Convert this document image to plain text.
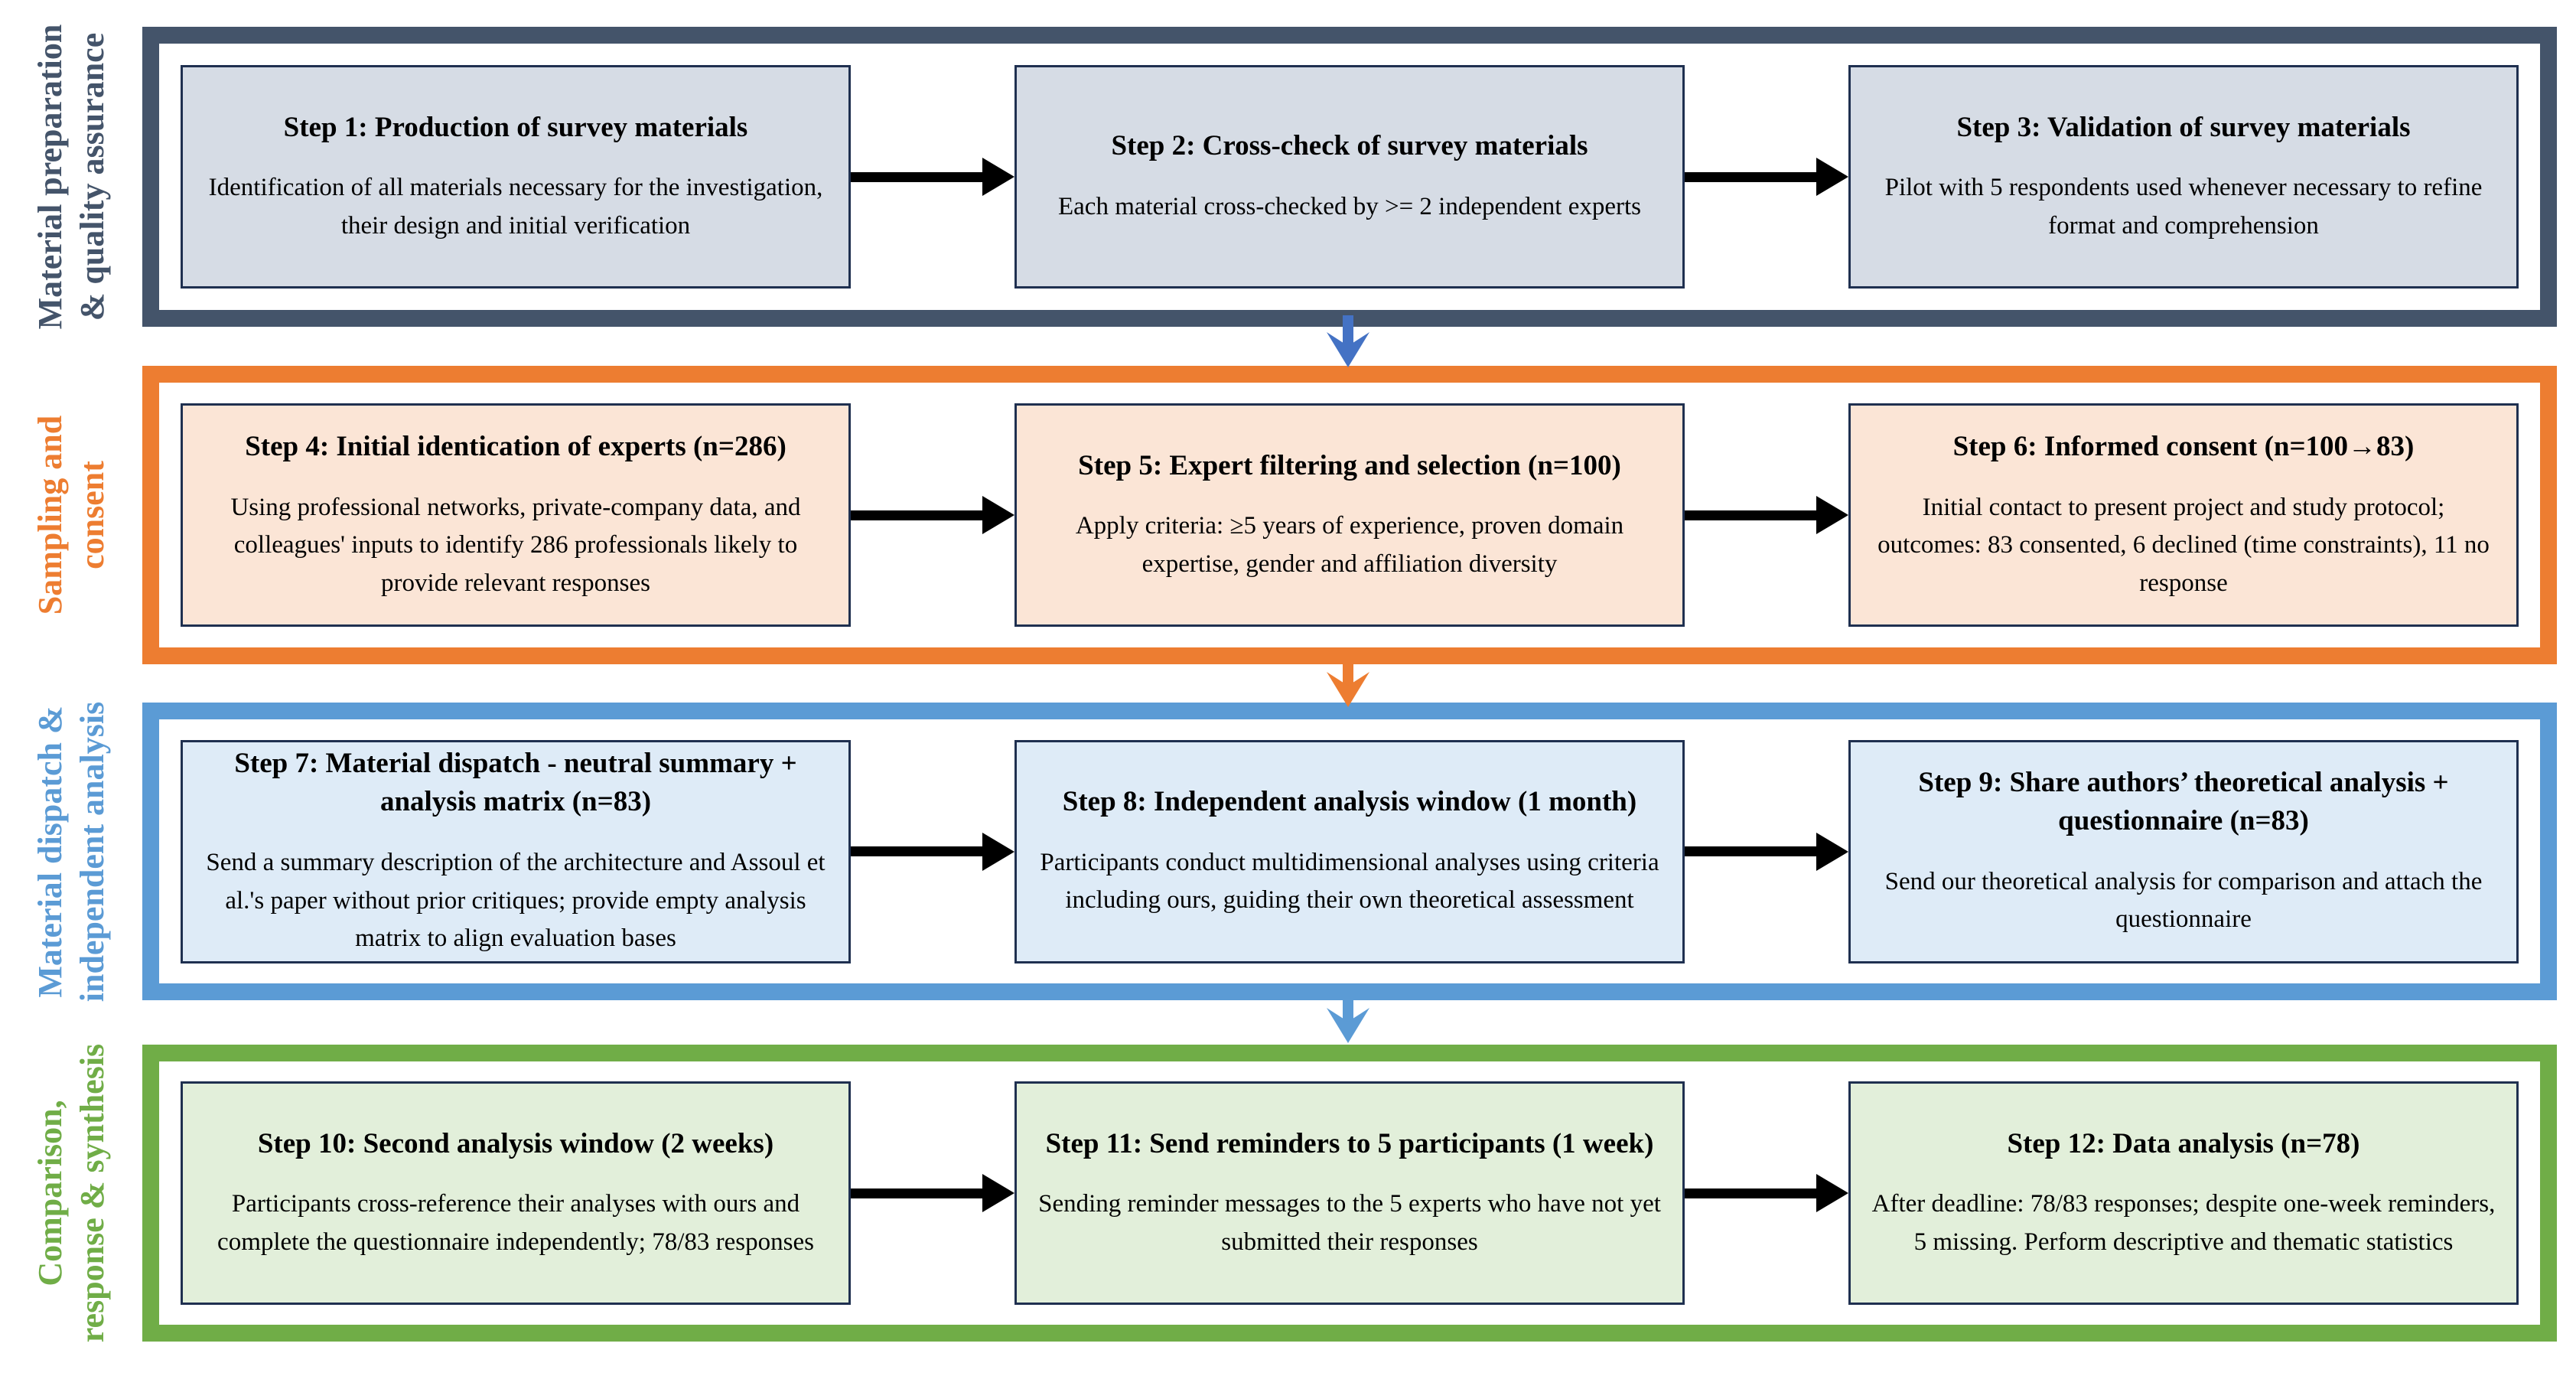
Material preparation & quality assurance	Step 1: Production of survey materials

Identification of all materials necessary for the investigation, their design and initial verification

Step 2: Cross-check of survey materials

Each material cross-checked by >= 2 independent experts

Step 3: Validation of survey materials

Pilot with 5 respondents used whenever necessary to refine format and comprehension

Sampling and consent
Step 4: Initial identication of experts (n=286)

Using professional networks, private-company data, and colleagues' inputs to identify 286 professionals likely to provide relevant responses

Step 5: Expert filtering and selection (n=100)

Apply criteria: ≥5 years of experience, proven domain expertise, gender and affiliation diversity

Step 6: Informed consent (n=100→83)

Initial contact to present project and study protocol; outcomes: 83 consented, 6 declined (time constraints), 11 no response

Material dispatch & independent analysis	Step 7: Material dispatch - neutral summary + analysis matrix (n=83)

Send a summary description of the architecture and Assoul et al.'s paper without prior critiques; provide empty analysis matrix to align evaluation bases

Step 8: Independent analysis window (1 month)

Participants conduct multidimensional analyses using criteria including ours, guiding their own theoretical assessment

Step 9: Share authors’ theoretical analysis + questionnaire (n=83)

Send our theoretical analysis for comparison and attach the questionnaire

Comparison, response & synthesis	Step 10: Second analysis window (2 weeks)

Participants cross-reference their analyses with ours and complete the questionnaire independently; 78/83 responses

Step 11: Send reminders to 5 participants (1 week)

Sending reminder messages to the 5 experts who have not yet submitted their responses

Step 12: Data analysis (n=78)

After deadline: 78/83 responses; despite one-week reminders, 5 missing. Perform descriptive and thematic statistics
